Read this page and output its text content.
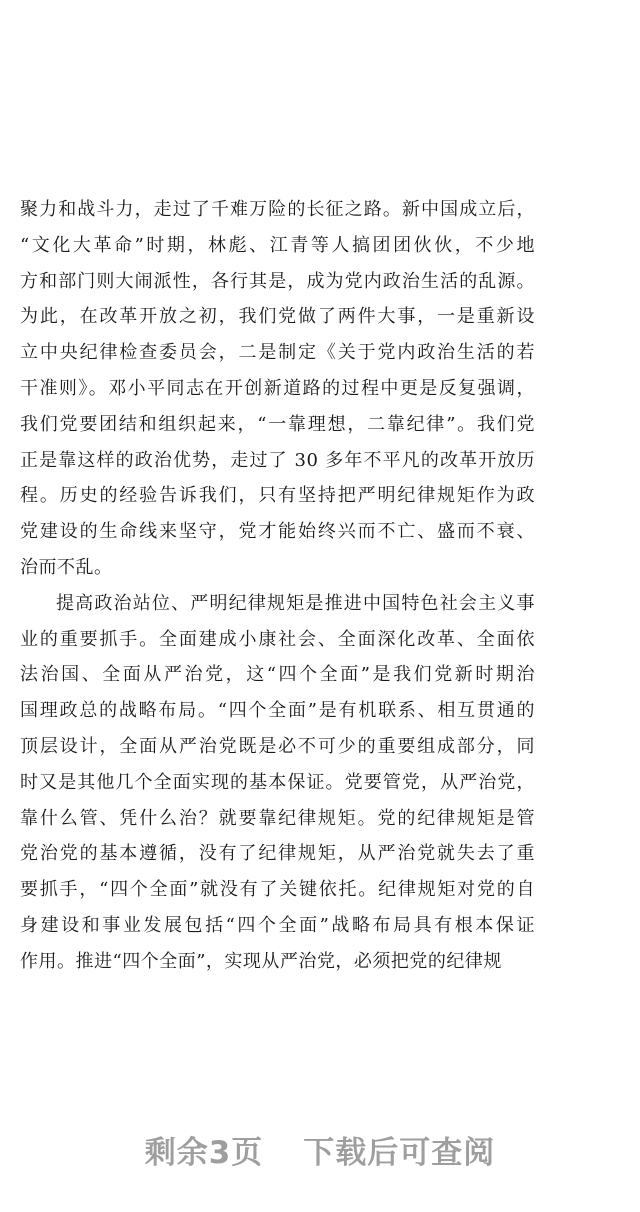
聚力和战斗力，走过了千难万险的长征之路。新中国成立后，
“文化大革命”时期，林彪、江青等人搞团团伙伙，不少地
方和部门则大闹派性，各行其是，成为党内政治生活的乱源。
为此，在改革开放之初，我们党做了两件大事，一是重新设
立中央纪律检查委员会，二是制定《关于党内政治生活的若
干准则》。邓小平同志在开创新道路的过程中更是反复强调，
我们党要团结和组织起来，“一靠理想，二靠纪律”。我们党
正是靠这样的政治优势，走过了 30 多年不平凡的改革开放历
程。历史的经验告诉我们，只有坚持把严明纪律规矩作为政
党建设的生命线来坚守，党才能始终兴而不亡、盛而不衰、
治而不乱。
提高政治站位、严明纪律规矩是推进中国特色社会主义事
业的重要抓手。全面建成小康社会、全面深化改革、全面依
法治国、全面从严治党，这“四个全面”是我们党新时期治
国理政总的战略布局。“四个全面”是有机联系、相互贯通的
顶层设计，全面从严治党既是必不可少的重要组成部分，同
时又是其他几个全面实现的基本保证。党要管党，从严治党，
靠什么管、凭什么治？就要靠纪律规矩。党的纪律规矩是管
党治党的基本遵循，没有了纪律规矩，从严治党就失去了重
要抓手，“四个全面”就没有了关键依托。纪律规矩对党的自
身建设和事业发展包括“四个全面”战略布局具有根本保证
作用。推进“四个全面”，实现从严治党，必须把党的纪律规
剩余3页 下载后可查阅
